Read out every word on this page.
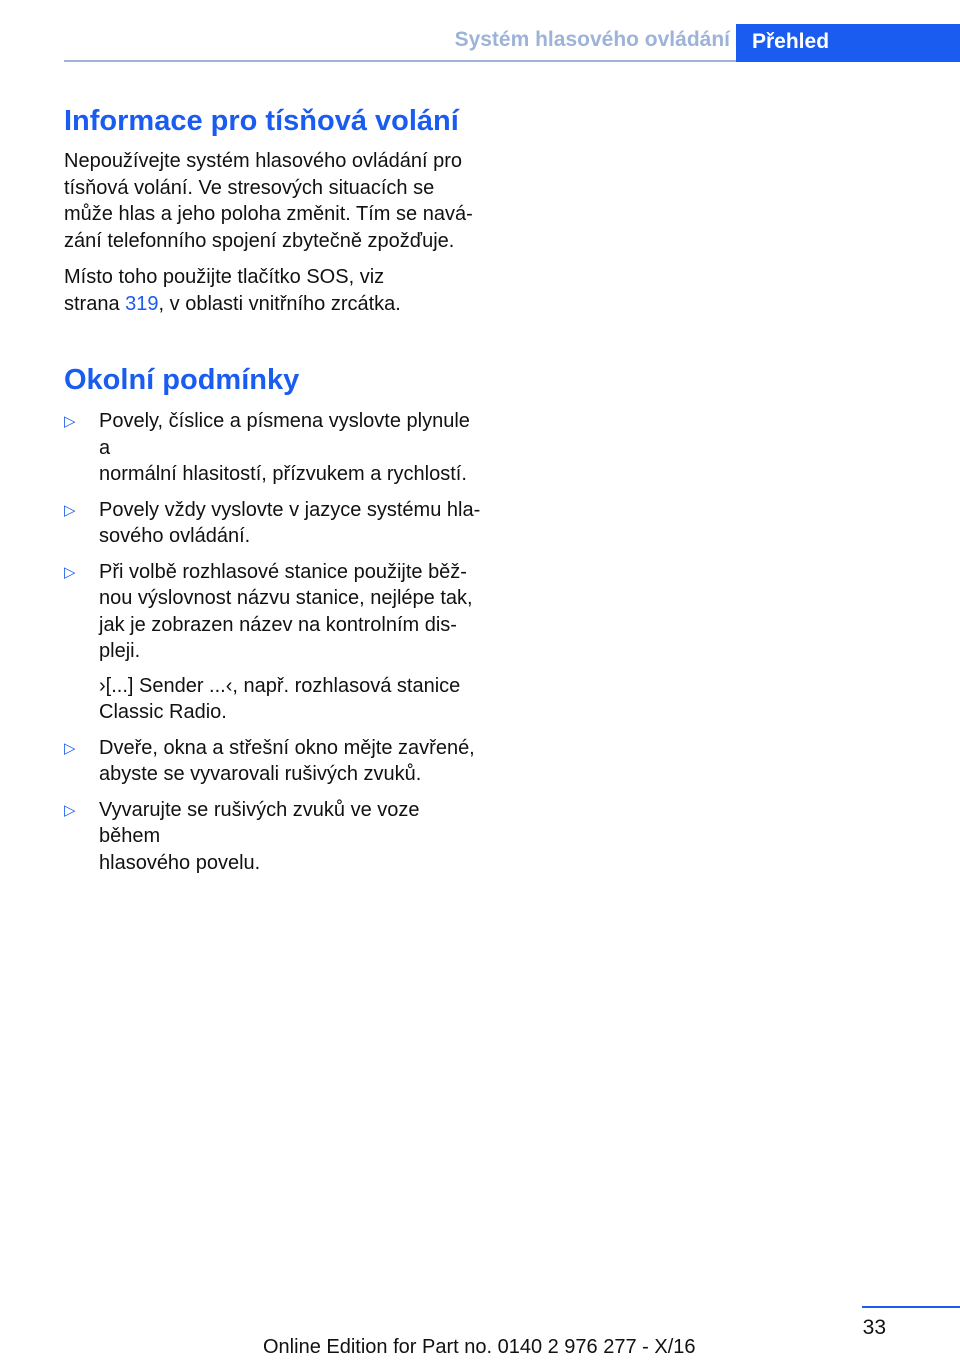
Systém hlasového ovládání Přehled
Informace pro tísňová volání

Nepoužívejte systém hlasového ovládání pro
tísňová volání. Ve stresových situacích se
může hlas a jeho poloha změnit. Tím se navá‐
zání telefonního spojení zbytečně zpožďuje.

Místo toho použijte tlačítko SOS, viz
strana 319, v oblasti vnitřního zrcátka.

Okolní podmínky
▷ Povely, číslice a písmena vyslovte plynule a
normální hlasitostí, přízvukem a rychlostí.
▷ Povely vždy vyslovte v jazyce systému hla‐
sového ovládání.
▷ Při volbě rozhlasové stanice použijte běž‐
nou výslovnost názvu stanice, nejlépe tak,
jak je zobrazen název na kontrolním dis‐
pleji.
›[...] Sender ...‹, např. rozhlasová stanice
Classic Radio.
▷ Dveře, okna a střešní okno mějte zavřené,
abyste se vyvarovali rušivých zvuků.
▷ Vyvarujte se rušivých zvuků ve voze během
hlasového povelu.
33
Online Edition for Part no. 0140 2 976 277 - X/16
